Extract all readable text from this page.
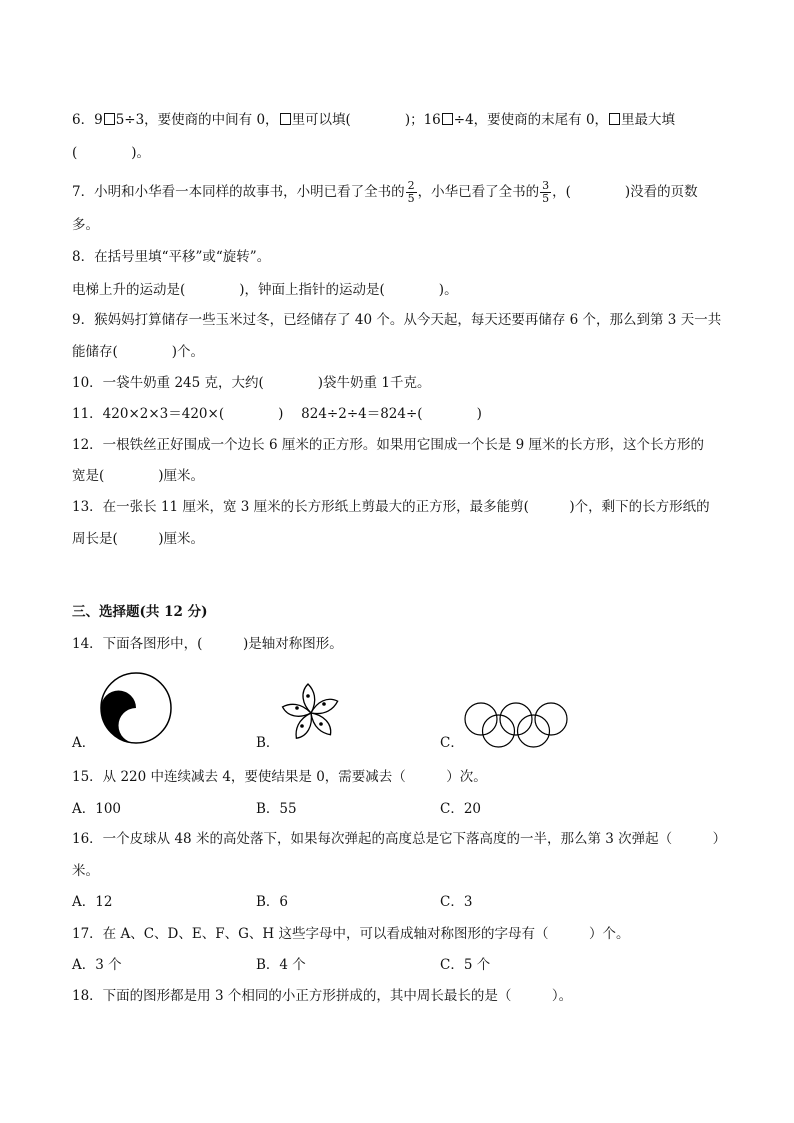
6．9 5÷3，要使商的中间有 0， 里可以填(　　　　)；16 ÷4，要使商的末尾有 0， 里最大填
(　　　　)。
7．小明和小华看一本同样的故事书，小明已看了全书的 $\frac{2}{5}$ ，小华已看了全书的 $\frac{3}{5}$ ，(　　　　)没看的页数
多。
8．在括号里填“平移”或“旋转”。
电梯上升的运动是(　　　　)，钟面上指针的运动是(　　　　)。
9．猴妈妈打算储存一些玉米过冬，已经储存了 40 个。从今天起，每天还要再储存 6 个，那么到第 3 天一共
能储存(　　　　)个。
10．一袋牛奶重 245 克，大约(　　　　)袋牛奶重 1千克。
11．420×2×3＝420×(　　　　)　 824÷2÷4＝824÷(　　　　)
12．一根铁丝正好围成一个边长 6 厘米的正方形。如果用它围成一个长是 9 厘米的长方形，这个长方形的
宽是(　　　　)厘米。
13．在一张长 11 厘米，宽 3 厘米的长方形纸上剪最大的正方形，最多能剪(　　　)个，剩下的长方形纸的
周长是(　　　)厘米。
三、选择题(共 12 分)
14．下面各图形中，(　　　)是轴对称图形。
A．	B．	C．
15．从 220 中连续减去 4，要使结果是 0，需要减去（　　　）次。
A．100	B．55	C．20
16．一个皮球从 48 米的高处落下，如果每次弹起的高度总是它下落高度的一半，那么第 3 次弹起（　　　）
米。
A．12	B．6	C．3
17．在 A、C、D、E、F、G、H 这些字母中，可以看成轴对称图形的字母有（　　　）个。
A．3 个	B．4 个	C．5 个
18．下面的图形都是用 3 个相同的小正方形拼成的，其中周长最长的是（　　　）。
